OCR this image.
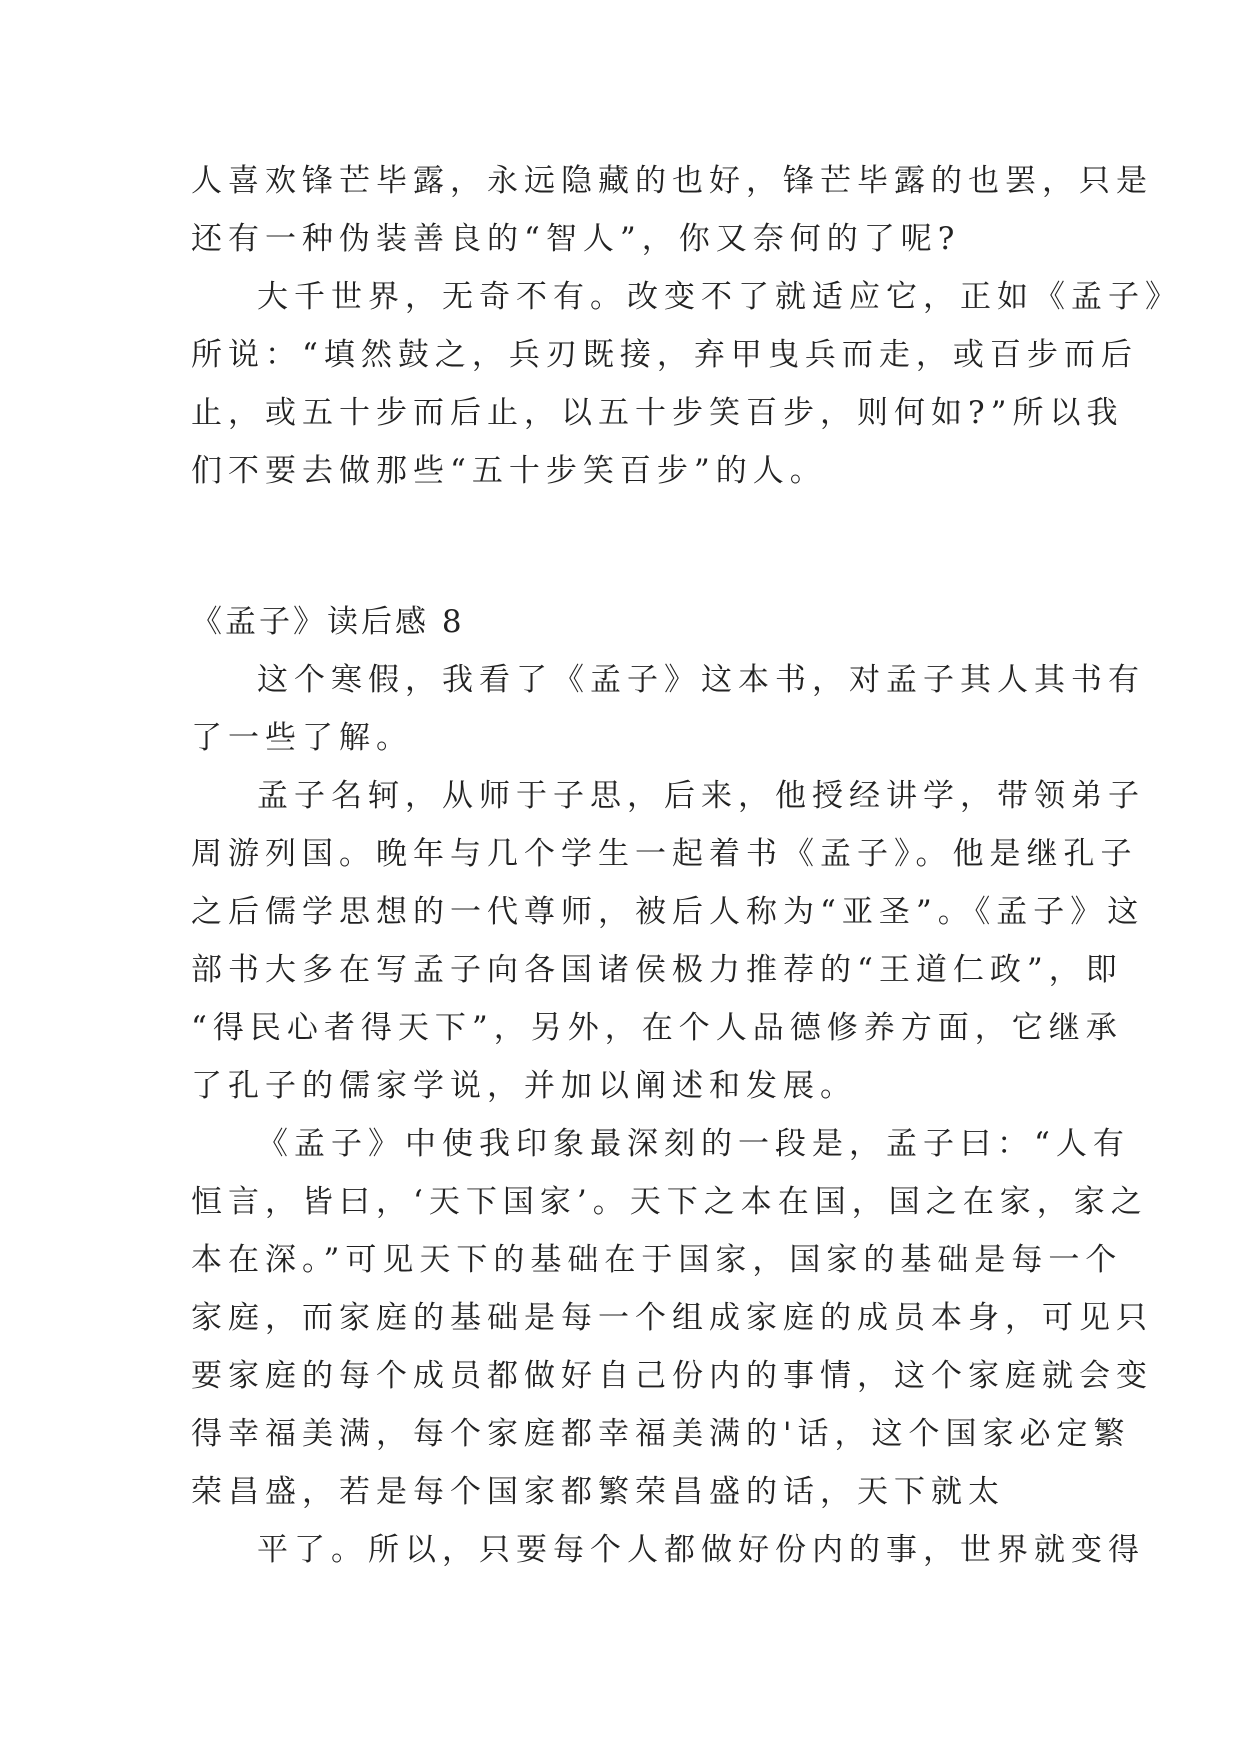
人喜欢锋芒毕露，永远隐藏的也好，锋芒毕露的也罢，只是
还有一种伪装善良的“智人”，你又奈何的了呢?
大千世界，无奇不有。改变不了就适应它，正如《孟子》
所说：“填然鼓之，兵刃既接，弃甲曳兵而走，或百步而后
止，或五十步而后止，以五十步笑百步，则何如?”所以我
们不要去做那些“五十步笑百步”的人。
《孟子》读后感 8
这个寒假，我看了《孟子》这本书，对孟子其人其书有
了一些了解。
孟子名轲，从师于子思，后来，他授经讲学，带领弟子
周游列国。晚年与几个学生一起着书《孟子》。他是继孔子
之后儒学思想的一代尊师，被后人称为“亚圣”。《孟子》这
部书大多在写孟子向各国诸侯极力推荐的“王道仁政”，即
“得民心者得天下”，另外，在个人品德修养方面，它继承
了孔子的儒家学说，并加以阐述和发展。
《孟子》中使我印象最深刻的一段是，孟子曰：“人有
恒言，皆曰，‘天下国家’。天下之本在国，国之在家，家之
本在深。”可见天下的基础在于国家，国家的基础是每一个
家庭，而家庭的基础是每一个组成家庭的成员本身，可见只
要家庭的每个成员都做好自己份内的事情，这个家庭就会变
得幸福美满，每个家庭都幸福美满的'话，这个国家必定繁
荣昌盛，若是每个国家都繁荣昌盛的话，天下就太
平了。所以，只要每个人都做好份内的事，世界就变得
